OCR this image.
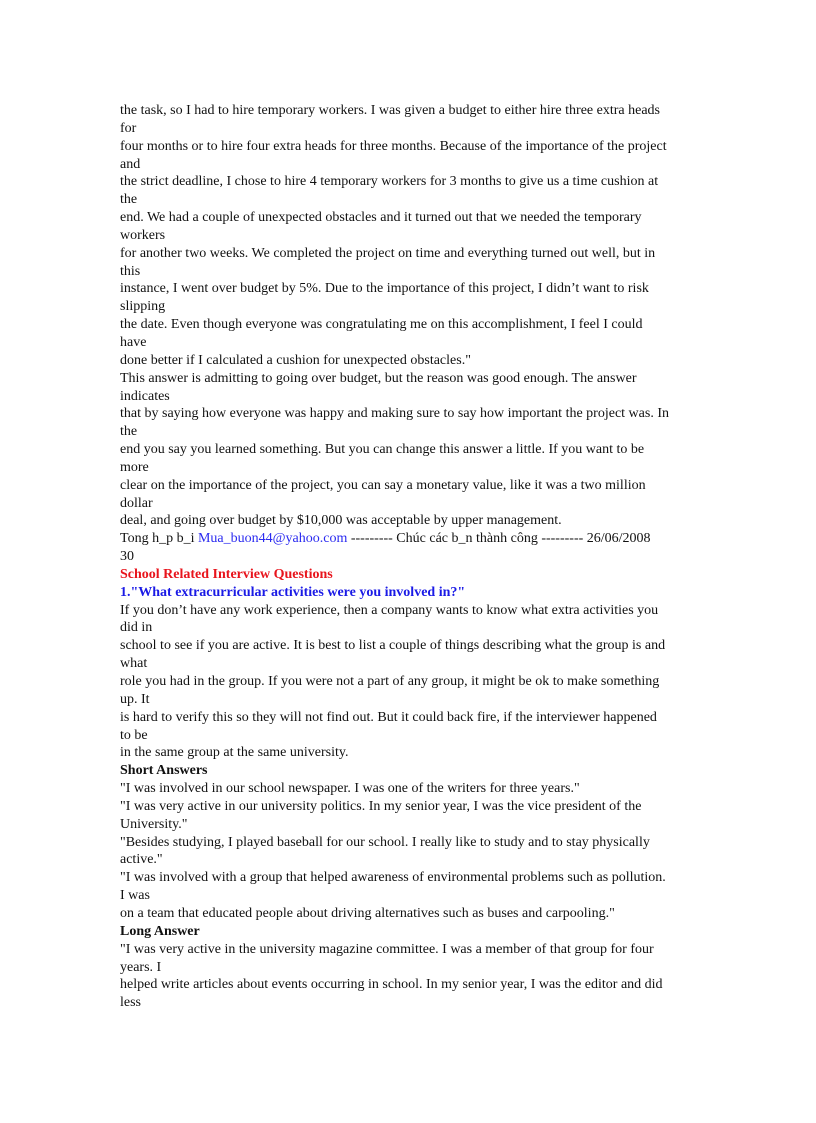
the task, so I had to hire temporary workers. I was given a budget to either hire three extra heads
for
four months or to hire four extra heads for three months. Because of the importance of the project
and
the strict deadline, I chose to hire 4 temporary workers for 3 months to give us a time cushion at
the
end. We had a couple of unexpected obstacles and it turned out that we needed the temporary
workers
for another two weeks. We completed the project on time and everything turned out well, but in
this
instance, I went over budget by 5%. Due to the importance of this project, I didn’t want to risk
slipping
the date. Even though everyone was congratulating me on this accomplishment, I feel I could
have
done better if I calculated a cushion for unexpected obstacles."
This answer is admitting to going over budget, but the reason was good enough. The answer
indicates
that by saying how everyone was happy and making sure to say how important the project was. In
the
end you say you learned something. But you can change this answer a little. If you want to be
more
clear on the importance of the project, you can say a monetary value, like it was a two million
dollar
deal, and going over budget by $10,000 was acceptable by upper management.
Tong h_p b_i Mua_buon44@yahoo.com --------- Chúc các b_n thành công --------- 26/06/2008
30
School Related Interview Questions
1."What extracurricular activities were you involved in?"
If you don’t have any work experience, then a company wants to know what extra activities you
did in
school to see if you are active. It is best to list a couple of things describing what the group is and
what
role you had in the group. If you were not a part of any group, it might be ok to make something
up. It
is hard to verify this so they will not find out. But it could back fire, if the interviewer happened
to be
in the same group at the same university.
Short Answers
"I was involved in our school newspaper. I was one of the writers for three years."
"I was very active in our university politics. In my senior year, I was the vice president of the
University."
"Besides studying, I played baseball for our school. I really like to study and to stay physically
active."
"I was involved with a group that helped awareness of environmental problems such as pollution.
I was
on a team that educated people about driving alternatives such as buses and carpooling."
Long Answer
"I was very active in the university magazine committee. I was a member of that group for four
years. I
helped write articles about events occurring in school. In my senior year, I was the editor and did
less
